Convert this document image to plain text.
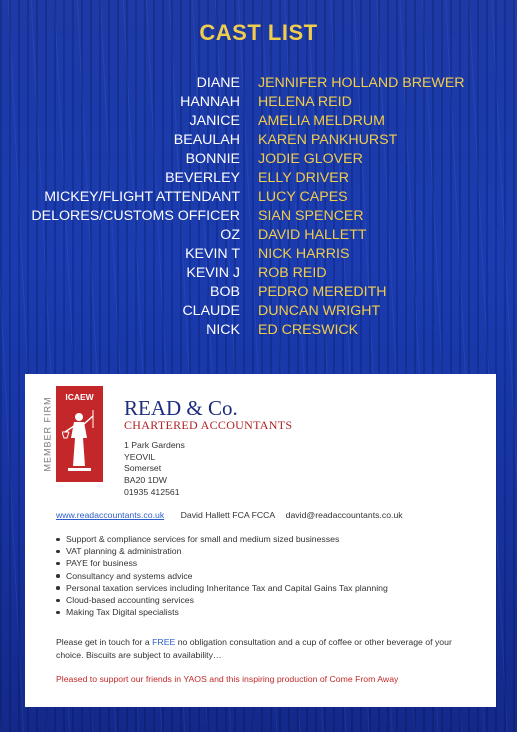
CAST LIST
DIANE JENNIFER HOLLAND BREWER
HANNAH HELENA REID
JANICE AMELIA MELDRUM
BEAULAH KAREN PANKHURST
BONNIE JODIE GLOVER
BEVERLEY ELLY DRIVER
MICKEY/FLIGHT ATTENDANT LUCY CAPES
DELORES/CUSTOMS OFFICER SIAN SPENCER
OZ DAVID HALLETT
KEVIN T NICK HARRIS
KEVIN J ROB REID
BOB PEDRO MEREDITH
CLAUDE DUNCAN WRIGHT
NICK ED CRESWICK
MEMBER FIRM	ICAEW	READ & Co.
CHARTERED ACCOUNTANTS
1 Park Gardens
YEOVIL
Somerset
BA20 1DW
01935 412561
www.readaccountants.co.uk David Hallett FCA FCCA david@readaccountants.co.uk
Support & compliance services for small and medium sized businesses
VAT planning & administration
PAYE for business
Consultancy and systems advice
Personal taxation services including Inheritance Tax and Capital Gains Tax planning
Cloud-based accounting services
Making Tax Digital specialists
Please get in touch for a FREE no obligation consultation and a cup of coffee or other beverage of your choice. Biscuits are subject to availability…
Pleased to support our friends in YAOS and this inspiring production of Come From Away
